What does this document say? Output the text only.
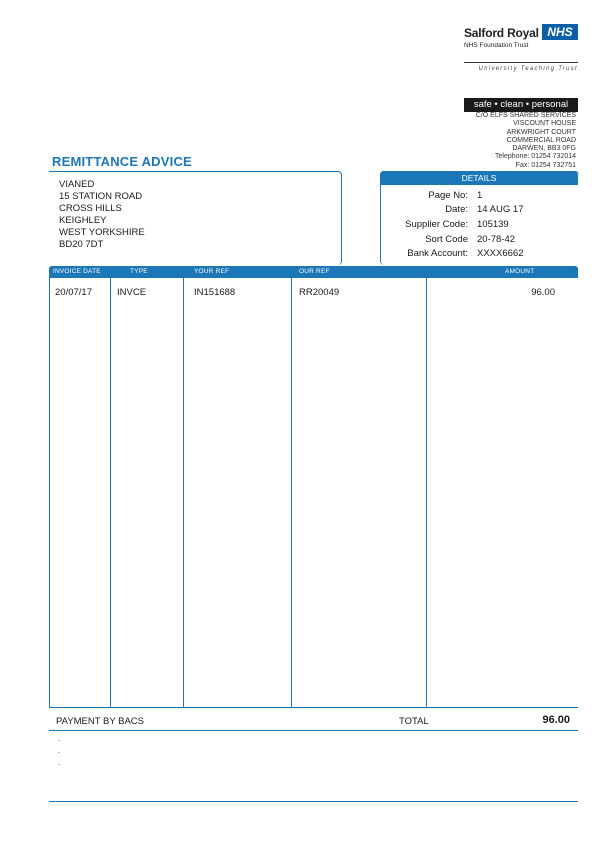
Salford Royal NHS
NHS Foundation Trust
University Teaching Trust
safe • clean • personal
C/O ELFS SHARED SERVICES
VISCOUNT HOUSE
ARKWRIGHT COURT
COMMERCIAL ROAD
DARWEN, BB3 0FG
Telephone: 01254 732014
Fax: 01254 732751
REMITTANCE ADVICE
VIANED
15 STATION ROAD
CROSS HILLS
KEIGHLEY
WEST YORKSHIRE
BD20 7DT
DETAILS
Page No: 1
Date: 14 AUG 17
Supplier Code: 105139
Sort Code 20-78-42
Bank Account: XXXX6662
INVOICE DATE	TYPE	YOUR REF	OUR REF	AMOUNT
20/07/17	INVCE	IN151688	RR20049	96.00
PAYMENT BY BACS	TOTAL	96.00
.
.
.
